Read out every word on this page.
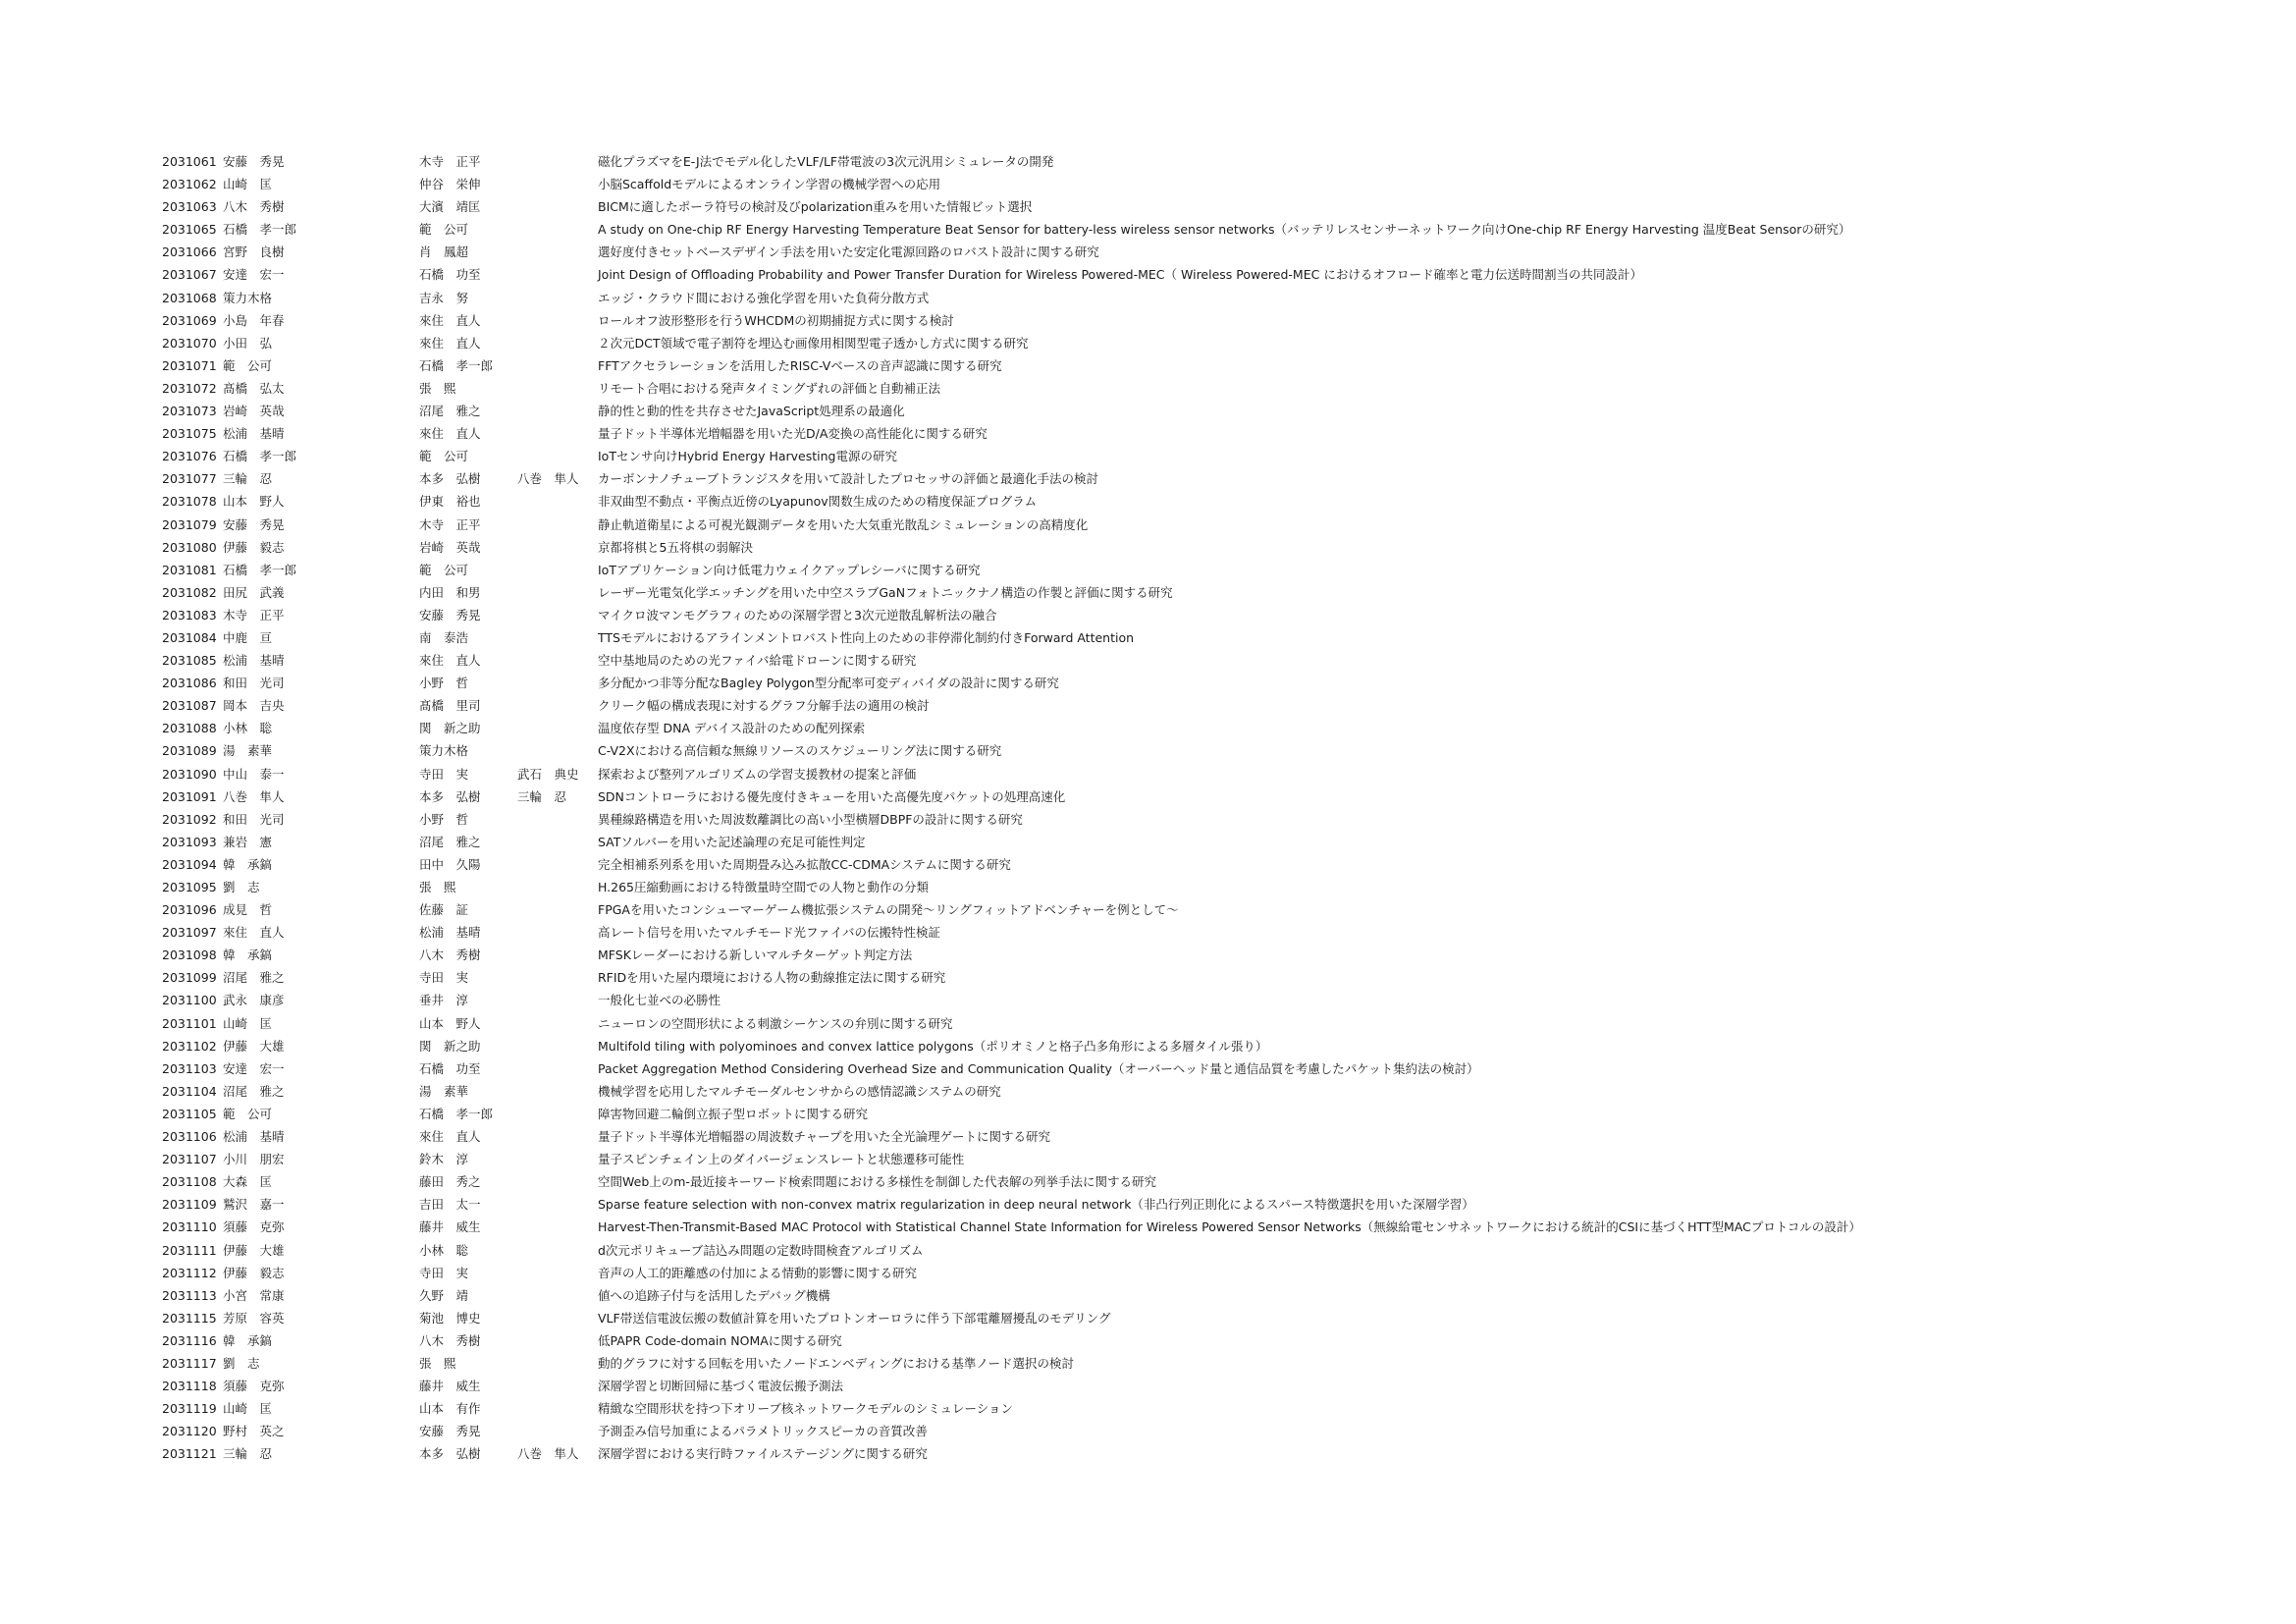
2031061 安藤　秀晃	木寺　正平	磁化プラズマをE-J法でモデル化したVLF/LF帯電波の3次元汎用シミュレータの開発
2031062 山崎　匡	仲谷　栄伸	小脳Scaffoldモデルによるオンライン学習の機械学習への応用
2031063 八木　秀樹	大濱　靖匡	BICMに適したポーラ符号の検討及びpolarization重みを用いた情報ビット選択
2031065 石橋　孝一郎	範　公可	A study on One-chip RF Energy Harvesting Temperature Beat Sensor for battery-less wireless sensor networks（バッテリレスセンサーネットワーク向けOne-chip RF Energy Harvesting 温度Beat Sensorの研究）
2031066 宮野　良樹	肖　鳳超	選好度付きセットベースデザイン手法を用いた安定化電源回路のロバスト設計に関する研究
2031067 安達　宏一	石橋　功至	Joint Design of Offloading Probability and Power Transfer Duration for Wireless Powered-MEC（ Wireless Powered-MEC におけるオフロード確率と電力伝送時間割当の共同設計）
2031068 策力木格	吉永　努	エッジ・クラウド間における強化学習を用いた負荷分散方式
2031069 小島　年春	來住　直人	ロールオフ波形整形を行うWHCDMの初期捕捉方式に関する検討
2031070 小田　弘	來住　直人	２次元DCT領域で電子割符を埋込む画像用相関型電子透かし方式に関する研究
2031071 範　公可	石橋　孝一郎	FFTアクセラレーションを活用したRISC-Vベースの音声認識に関する研究
2031072 髙橋　弘太	張　熙	リモート合唱における発声タイミングずれの評価と自動補正法
2031073 岩崎　英哉	沼尾　雅之	静的性と動的性を共存させたJavaScript処理系の最適化
2031075 松浦　基晴	來住　直人	量子ドット半導体光増幅器を用いた光D/A変換の高性能化に関する研究
2031076 石橋　孝一郎	範　公可	IoTセンサ向けHybrid Energy Harvesting電源の研究
2031077 三輪　忍	本多　弘樹	八巻　隼人 カーボンナノチューブトランジスタを用いて設計したプロセッサの評価と最適化手法の検討
2031078 山本　野人	伊東　裕也	非双曲型不動点・平衡点近傍のLyapunov関数生成のための精度保証プログラム
2031079 安藤　秀晃	木寺　正平	静止軌道衛星による可視光観測データを用いた大気重光散乱シミュレーションの高精度化
2031080 伊藤　毅志	岩崎　英哉	京都将棋と5五将棋の弱解決
2031081 石橋　孝一郎	範　公可	IoTアプリケーション向け低電力ウェイクアップレシーバに関する研究
2031082 田尻　武義	内田　和男	レーザー光電気化学エッチングを用いた中空スラブGaNフォトニックナノ構造の作製と評価に関する研究
2031083 木寺　正平	安藤　秀晃	マイクロ波マンモグラフィのための深層学習と3次元逆散乱解析法の融合
2031084 中鹿　亘	南　泰浩	TTSモデルにおけるアラインメントロバスト性向上のための非停滞化制約付きForward Attention
2031085 松浦　基晴	來住　直人	空中基地局のための光ファイバ給電ドローンに関する研究
2031086 和田　光司	小野　哲	多分配かつ非等分配なBagley Polygon型分配率可変ディバイダの設計に関する研究
2031087 岡本　吉央	髙橋　里司	クリーク幅の構成表現に対するグラフ分解手法の適用の検討
2031088 小林　聡	関　新之助	温度依存型 DNA デバイス設計のための配列探索
2031089 湯　素華	策力木格	C-V2Xにおける高信頼な無線リソースのスケジューリング法に関する研究
2031090 中山　泰一	寺田　実	武石　典史 探索および整列アルゴリズムの学習支援教材の提案と評価
2031091 八巻　隼人	本多　弘樹	三輪　忍	SDNコントローラにおける優先度付きキューを用いた高優先度パケットの処理高速化
2031092 和田　光司	小野　哲	異種線路構造を用いた周波数離調比の高い小型横層DBPFの設計に関する研究
2031093 兼岩　憲	沼尾　雅之	SATソルバーを用いた記述論理の充足可能性判定
2031094 韓　承鎬	田中　久陽	完全相補系列系を用いた周期畳み込み拡散CC-CDMAシステムに関する研究
2031095 劉　志	張　熙	H.265圧縮動画における特徴量時空間での人物と動作の分類
2031096 成見　哲	佐藤　証	FPGAを用いたコンシューマーゲーム機拡張システムの開発～リングフィットアドベンチャーを例として～
2031097 來住　直人	松浦　基晴	高レート信号を用いたマルチモード光ファイバの伝搬特性検証
2031098 韓　承鎬	八木　秀樹	MFSKレーダーにおける新しいマルチターゲット判定方法
2031099 沼尾　雅之	寺田　実	RFIDを用いた屋内環境における人物の動線推定法に関する研究
2031100 武永　康彦	垂井　淳	一般化七並べの必勝性
2031101 山崎　匡	山本　野人	ニューロンの空間形状による刺激シーケンスの弁別に関する研究
2031102 伊藤　大雄	関　新之助	Multifold tiling with polyominoes and convex lattice polygons（ポリオミノと格子凸多角形による多層タイル張り）
2031103 安達　宏一	石橋　功至	Packet Aggregation Method Considering Overhead Size and Communication Quality（オーバーヘッド量と通信品質を考慮したパケット集約法の検討）
2031104 沼尾　雅之	湯　素華	機械学習を応用したマルチモーダルセンサからの感情認識システムの研究
2031105 範　公可	石橋　孝一郎	障害物回避二輪倒立振子型ロボットに関する研究
2031106 松浦　基晴	來住　直人	量子ドット半導体光増幅器の周波数チャープを用いた全光論理ゲートに関する研究
2031107 小川　朋宏	鈴木　淳	量子スピンチェイン上のダイバージェンスレートと状態遷移可能性
2031108 大森　匡	藤田　秀之	空間Web上のm-最近接キーワード検索問題における多様性を制御した代表解の列挙手法に関する研究
2031109 鷲沢　嘉一	吉田　太一	Sparse feature selection with non-convex matrix regularization in deep neural network（非凸行列正則化によるスパース特徴選択を用いた深層学習）
2031110 須藤　克弥	藤井　威生	Harvest-Then-Transmit-Based MAC Protocol with Statistical Channel State Information for Wireless Powered Sensor Networks（無線給電センサネットワークにおける統計的CSIに基づくHTT型MACプロトコルの設計）
2031111 伊藤　大雄	小林　聡	d次元ポリキューブ詰込み問題の定数時間検査アルゴリズム
2031112 伊藤　毅志	寺田　実	音声の人工的距離感の付加による情動的影響に関する研究
2031113 小宮　常康	久野　靖	値への追跡子付与を活用したデバッグ機構
2031115 芳原　容英	菊池　博史	VLF帯送信電波伝搬の数値計算を用いたプロトンオーロラに伴う下部電離層擾乱のモデリング
2031116 韓　承鎬	八木　秀樹	低PAPR Code-domain NOMAに関する研究
2031117 劉　志	張　熙	動的グラフに対する回転を用いたノードエンベディングにおける基準ノード選択の検討
2031118 須藤　克弥	藤井　威生	深層学習と切断回帰に基づく電波伝搬予測法
2031119 山崎　匡	山本　有作	精緻な空間形状を持つ下オリーブ核ネットワークモデルのシミュレーション
2031120 野村　英之	安藤　秀晃	予測歪み信号加重によるパラメトリックスピーカの音質改善
2031121 三輪　忍	本多　弘樹	八巻　隼人 深層学習における実行時ファイルステージングに関する研究
